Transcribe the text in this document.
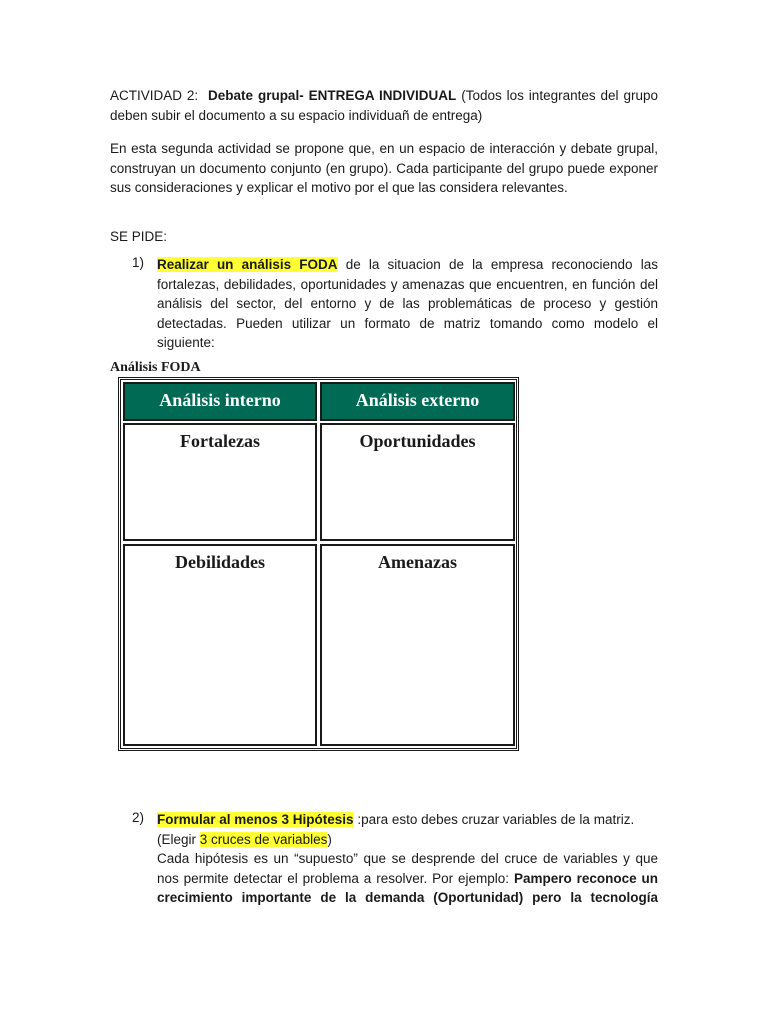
ACTIVIDAD 2: Debate grupal- ENTREGA INDIVIDUAL (Todos los integrantes del grupo deben subir el documento a su espacio individuañ de entrega)
En esta segunda actividad se propone que, en un espacio de interacción y debate grupal, construyan un documento conjunto (en grupo). Cada participante del grupo puede exponer sus consideraciones y explicar el motivo por el que las considera relevantes.
SE PIDE:
1) Realizar un análisis FODA de la situacion de la empresa reconociendo las fortalezas, debilidades, oportunidades y amenazas que encuentren, en función del análisis del sector, del entorno y de las problemáticas de proceso y gestión detectadas. Pueden utilizar un formato de matriz tomando como modelo el siguiente:
Análisis FODA
Análisis interno	Análisis externo
Fortalezas	Oportunidades
Debilidades	Amenazas
2) Formular al menos 3 Hipótesis :para esto debes cruzar variables de la matriz.
(Elegir 3 cruces de variables)
Cada hipótesis es un “supuesto” que se desprende del cruce de variables y que nos permite detectar el problema a resolver. Por ejemplo: Pampero reconoce un crecimiento importante de la demanda (Oportunidad) pero la tecnología
